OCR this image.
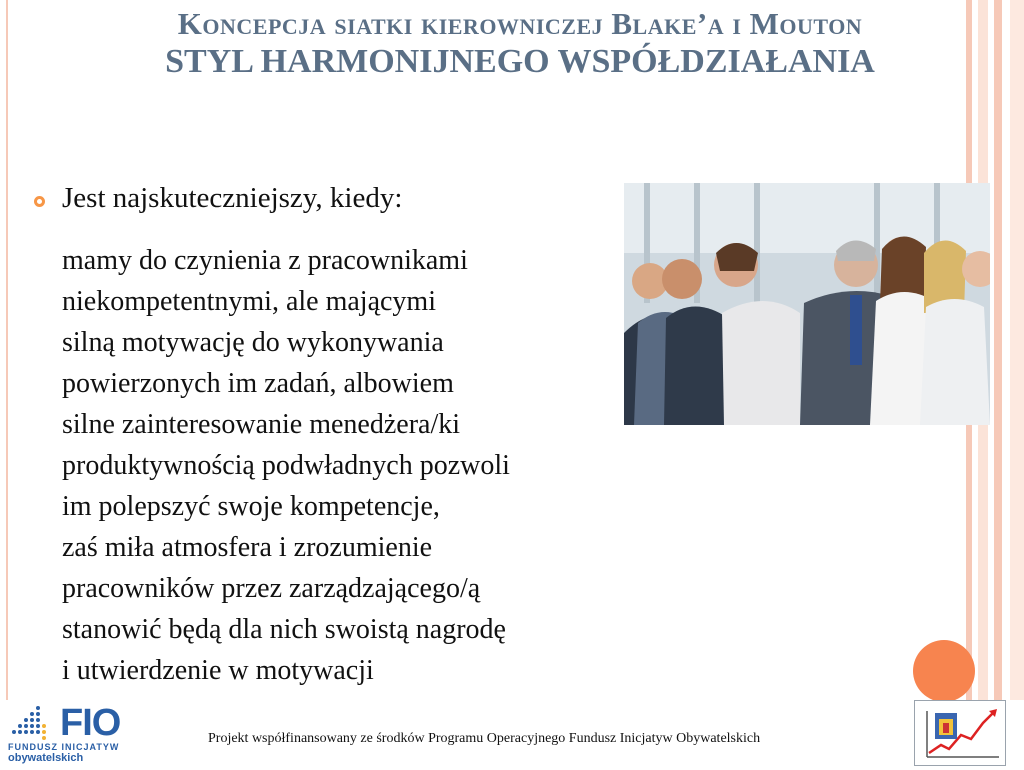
Koncepcja siatki kierowniczej Blake’a i Mouton
STYL HARMONIJNEGO WSPÓŁDZIAŁANIA
Jest najskuteczniejszy, kiedy:
mamy do czynienia z pracownikami
niekompetentnymi, ale mającymi
silną motywację do wykonywania
powierzonych im zadań, albowiem
silne zainteresowanie menedżera/ki
produktywnością podwładnych pozwoli
im polepszyć swoje kompetencje,
zaś miła atmosfera i zrozumienie
pracowników przez zarządzającego/ą
stanowić będą dla nich swoistą nagrodę
i utwierdzenie w motywacji
FIO
FUNDUSZ INICJATYW
obywatelskich
Projekt współfinansowany ze środków Programu Operacyjnego Fundusz Inicjatyw Obywatelskich
